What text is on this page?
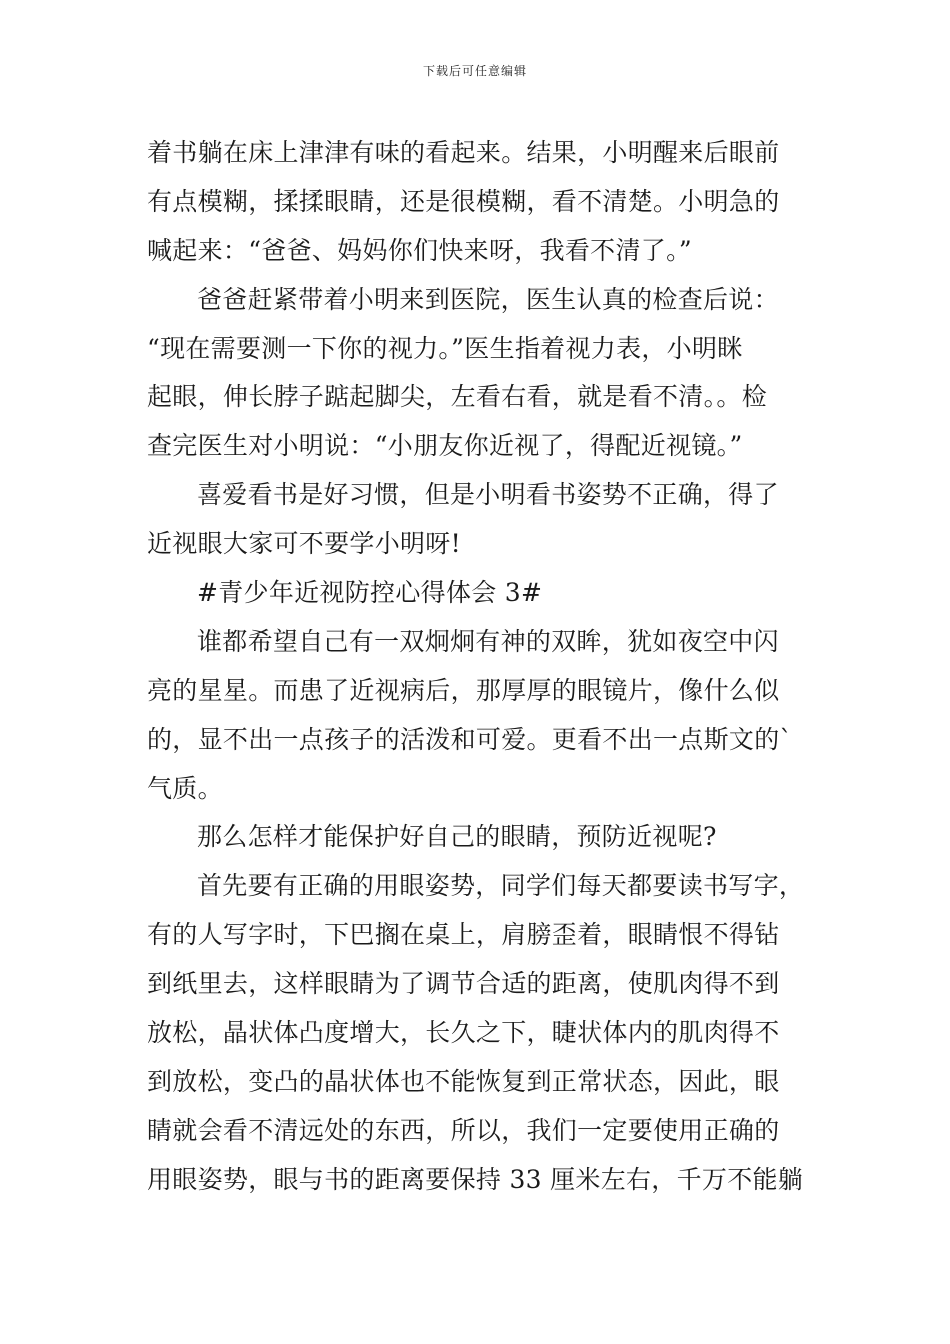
下载后可任意编辑
着书躺在床上津津有味的看起来。结果，小明醒来后眼前
有点模糊，揉揉眼睛，还是很模糊，看不清楚。小明急的
喊起来：“爸爸、妈妈你们快来呀，我看不清了。”
爸爸赶紧带着小明来到医院，医生认真的检查后说：
“现在需要测一下你的视力。”医生指着视力表，小明眯
起眼，伸长脖子踮起脚尖，左看右看，就是看不清。。检
查完医生对小明说：“小朋友你近视了，得配近视镜。”
喜爱看书是好习惯，但是小明看书姿势不正确，得了
近视眼大家可不要学小明呀!
#青少年近视防控心得体会 3#
谁都希望自己有一双炯炯有神的双眸，犹如夜空中闪
亮的星星。而患了近视病后，那厚厚的眼镜片，像什么似
的，显不出一点孩子的活泼和可爱。更看不出一点斯文的`
气质。
那么怎样才能保护好自己的眼睛，预防近视呢?
首先要有正确的用眼姿势，同学们每天都要读书写字，
有的人写字时，下巴搁在桌上，肩膀歪着，眼睛恨不得钻
到纸里去，这样眼睛为了调节合适的距离，使肌肉得不到
放松，晶状体凸度增大，长久之下，睫状体内的肌肉得不
到放松，变凸的晶状体也不能恢复到正常状态，因此，眼
睛就会看不清远处的东西，所以，我们一定要使用正确的
用眼姿势，眼与书的距离要保持 33 厘米左右，千万不能躺
